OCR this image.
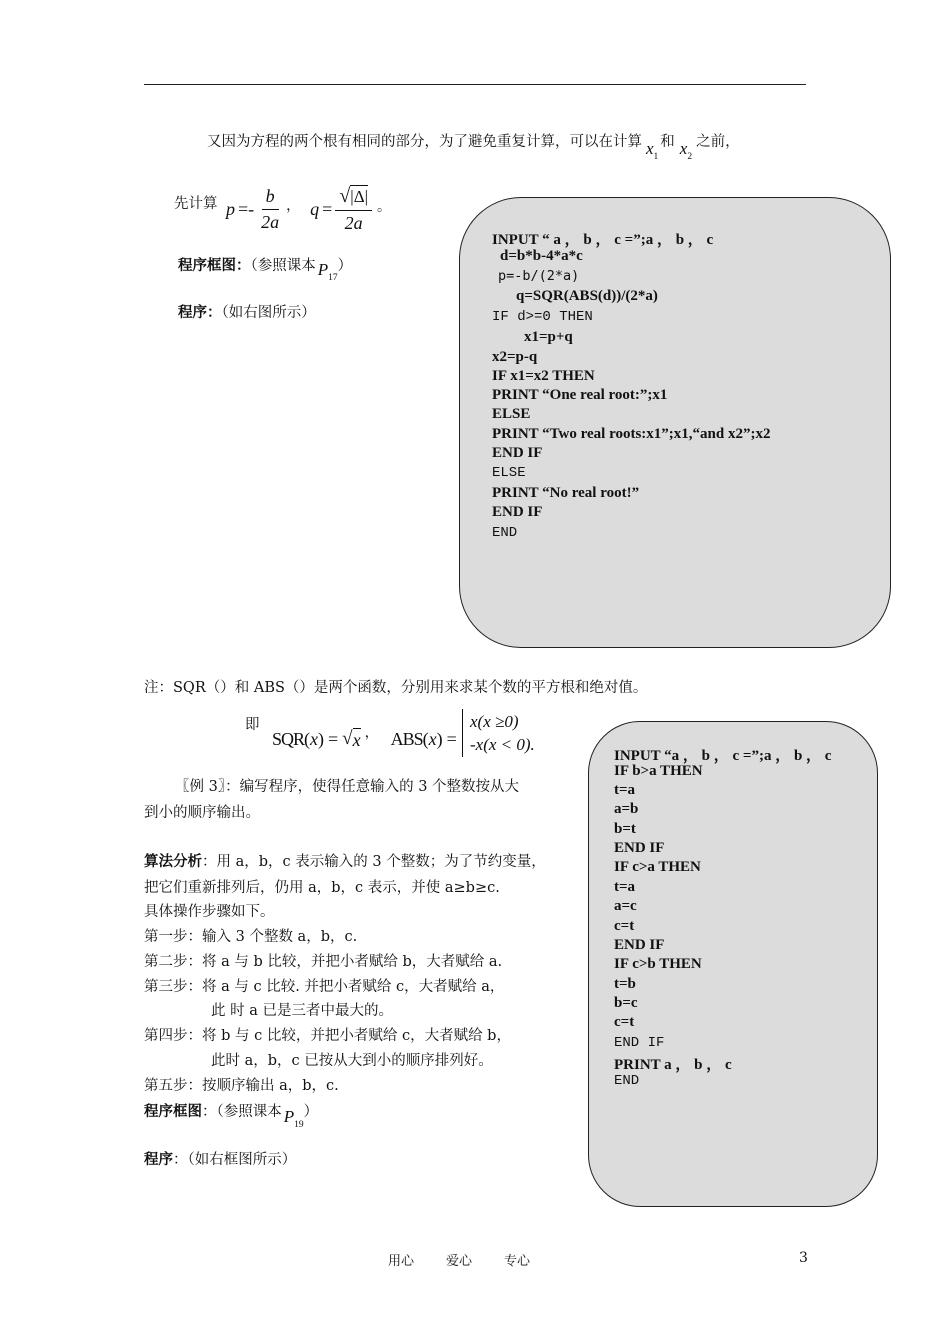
又因为方程的两个根有相同的部分，为了避免重复计算，可以在计算 $x_1$和 $x_2$之前，
先计算 $p =- \frac{b}{2a}$ ， $q = \frac{√|\Delta|}{2a}$ 。
程序框图：（参照课本 $P_{17}$）
程序：（如右图所示）
INPUT “ a ， b ， c =”;a ， b ， c
d=b*b-4*a*c
p=-b/(2*a)
q=SQR(ABS(d))/(2*a)
IF d>=0 THEN
x1=p+q
x2=p-q
IF x1=x2 THEN
PRINT “One real root:”;x1
ELSE
PRINT “Two real roots:x1”;x1,“and x2”;x2
END IF
ELSE
PRINT “No real root!”
END IF
END
注：SQR（）和 ABS（）是两个函数，分别用来求某个数的平方根和绝对值。
即
SQR ( x ) = √ x ， ABS ( x ) =
x(x ≥0)
-x(x < 0).
〖例 3〗：编写程序，使得任意输入的 3 个整数按从大
到小的顺序输出。
算法分析：用 a，b，c 表示输入的 3 个整数；为了节约变量，
把它们重新排列后，仍用 a，b，c 表示，并使 a≥b≥c.
具体操作步骤如下。
第一步：输入 3 个整数 a，b，c.
第二步：将 a 与 b 比较，并把小者赋给 b，大者赋给 a.
第三步：将 a 与 c 比较. 并把小者赋给 c，大者赋给 a，
此 时 a 已是三者中最大的。
第四步：将 b 与 c 比较，并把小者赋给 c，大者赋给 b，
此时 a，b，c 已按从大到小的顺序排列好。
第五步：按顺序输出 a，b，c.
程序框图：（参照课本 $P_{19}$）
程序：（如右框图所示）
INPUT “a ， b ， c =”;a ， b ， c
IF b>a THEN
t=a
a=b
b=t
END IF
IF c>a THEN
t=a
a=c
c=t
END IF
IF c>b THEN
t=b
b=c
c=t
END IF
PRINT a ， b ， c
END
用心 爱心 专心	3
